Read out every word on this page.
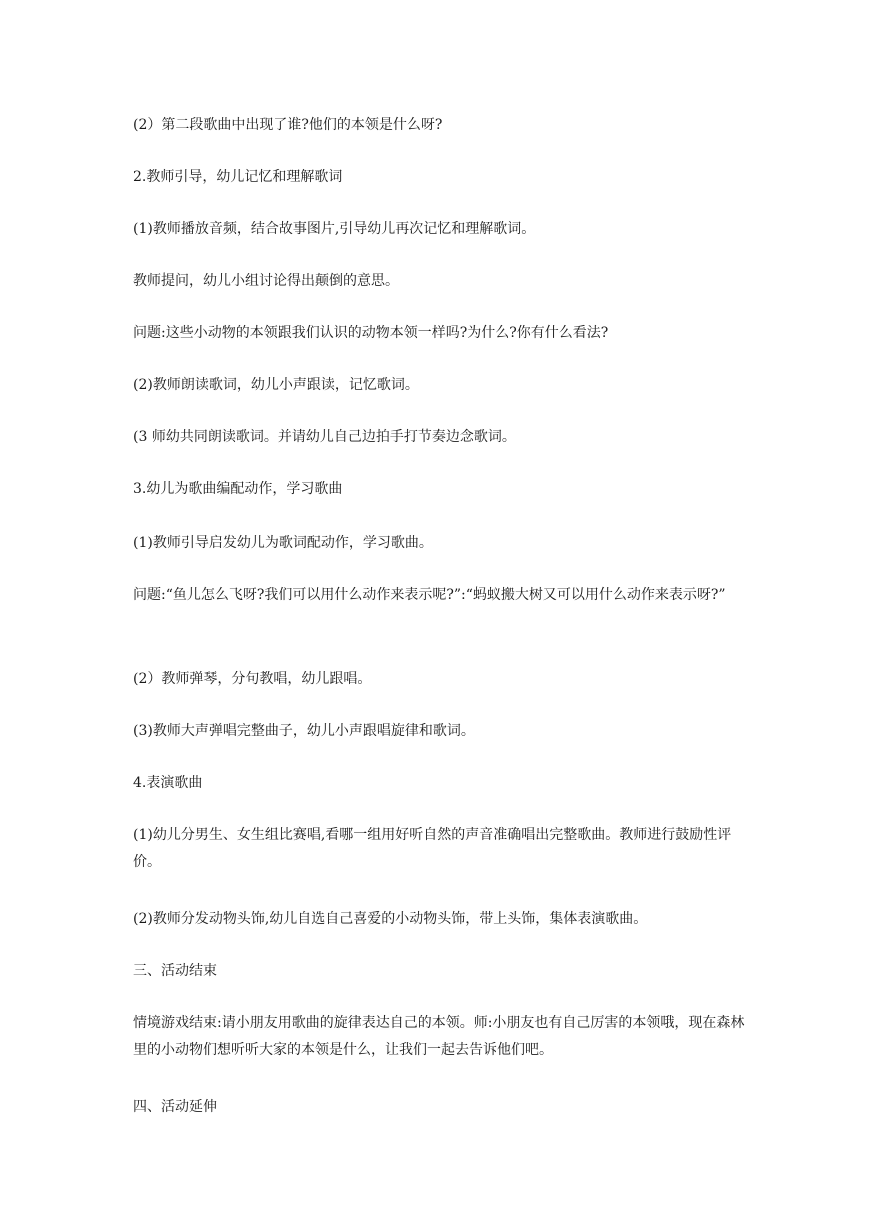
(2）第二段歌曲中出现了谁?他们的本领是什么呀?

2.教师引导，幼儿记忆和理解歌词

(1)教师播放音频，结合故事图片,引导幼儿再次记忆和理解歌词。

教师提问，幼儿小组讨论得出颠倒的意思。

问题:这些小动物的本领跟我们认识的动物本领一样吗?为什么?你有什么看法?

(2)教师朗读歌词，幼儿小声跟读，记忆歌词。

(3 师幼共同朗读歌词。并请幼儿自己边拍手打节奏边念歌词。

3.幼儿为歌曲编配动作，学习歌曲

(1)教师引导启发幼儿为歌词配动作，学习歌曲。

问题:“鱼儿怎么飞呀?我们可以用什么动作来表示呢?”:“蚂蚁搬大树又可以用什么动作来表示呀?”

(2）教师弹琴，分句教唱，幼儿跟唱。

(3)教师大声弹唱完整曲子，幼儿小声跟唱旋律和歌词。

4.表演歌曲

(1)幼儿分男生、女生组比赛唱,看哪一组用好听自然的声音准确唱出完整歌曲。教师进行鼓励性评价。

(2)教师分发动物头饰,幼儿自选自己喜爱的小动物头饰，带上头饰，集体表演歌曲。

三、活动结束

情境游戏结束:请小朋友用歌曲的旋律表达自己的本领。师:小朋友也有自己厉害的本领哦，现在森林里的小动物们想听听大家的本领是什么，让我们一起去告诉他们吧。

四、活动延伸
